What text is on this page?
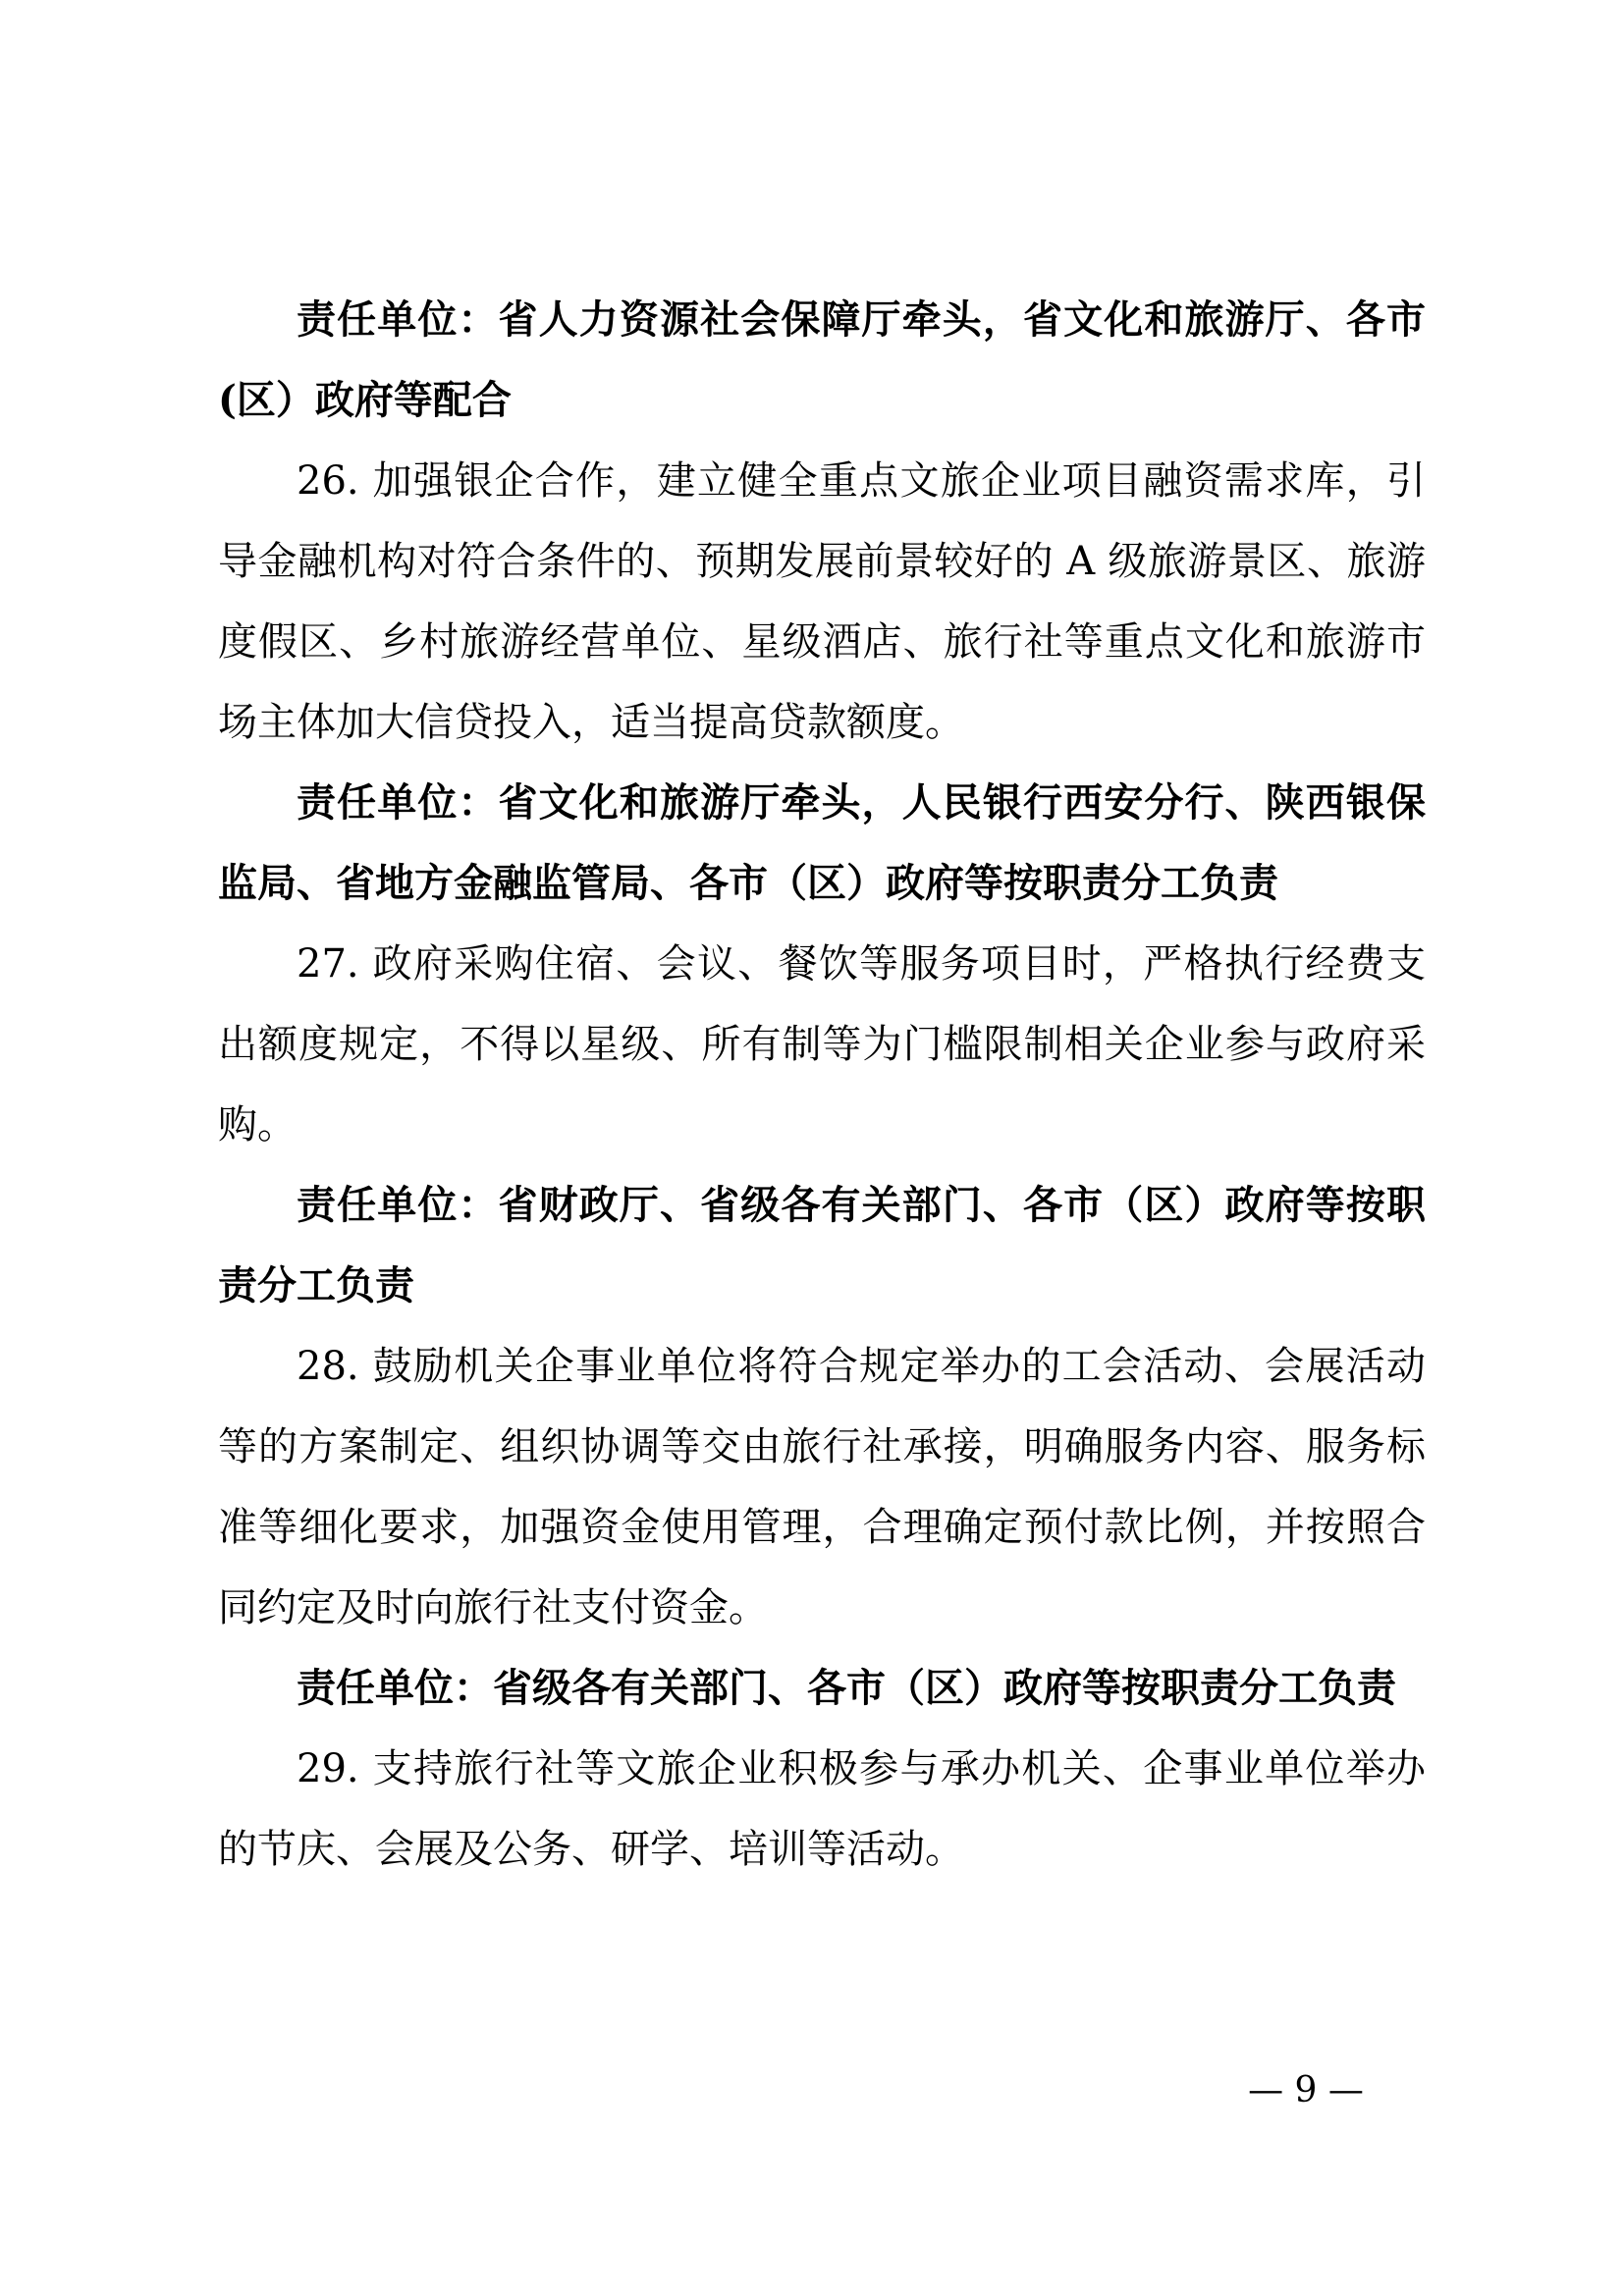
责任单位：省人力资源社会保障厅牵头，省文化和旅游厅、各市(区）政府等配合

26. 加强银企合作，建立健全重点文旅企业项目融资需求库，引导金融机构对符合条件的、预期发展前景较好的 A 级旅游景区、旅游度假区、乡村旅游经营单位、星级酒店、旅行社等重点文化和旅游市场主体加大信贷投入，适当提高贷款额度。

责任单位：省文化和旅游厅牵头，人民银行西安分行、陕西银保监局、省地方金融监管局、各市（区）政府等按职责分工负责

27. 政府采购住宿、会议、餐饮等服务项目时，严格执行经费支出额度规定，不得以星级、所有制等为门槛限制相关企业参与政府采购。

责任单位：省财政厅、省级各有关部门、各市（区）政府等按职责分工负责

28. 鼓励机关企事业单位将符合规定举办的工会活动、会展活动等的方案制定、组织协调等交由旅行社承接，明确服务内容、服务标准等细化要求，加强资金使用管理，合理确定预付款比例，并按照合同约定及时向旅行社支付资金。

责任单位：省级各有关部门、各市（区）政府等按职责分工负责

29. 支持旅行社等文旅企业积极参与承办机关、企事业单位举办的节庆、会展及公务、研学、培训等活动。

— 9 —
